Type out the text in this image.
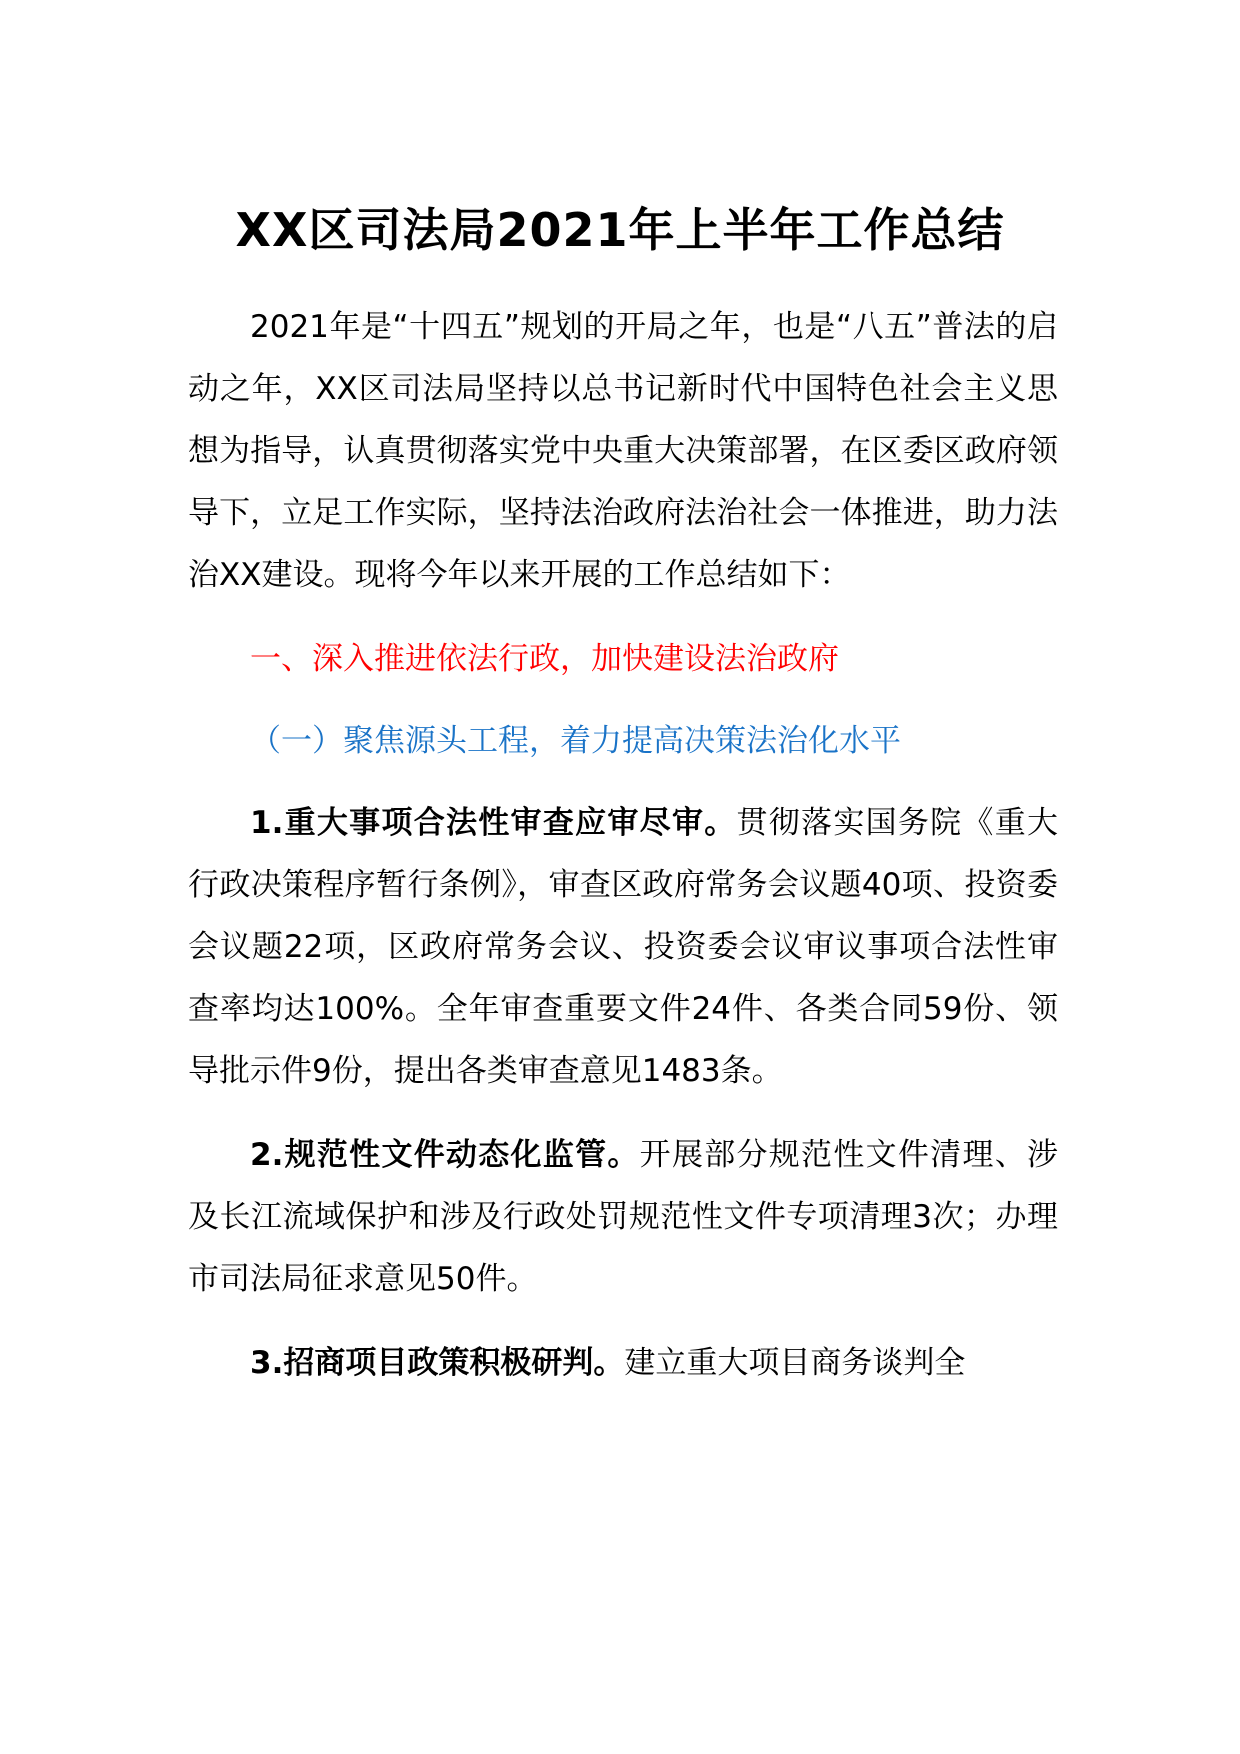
XX区司法局2021年上半年工作总结

2021年是“十四五”规划的开局之年，也是“八五”普法的启动之年，XX区司法局坚持以总书记新时代中国特色社会主义思想为指导，认真贯彻落实党中央重大决策部署，在区委区政府领导下，立足工作实际，坚持法治政府法治社会一体推进，助力法治XX建设。现将今年以来开展的工作总结如下：

一、深入推进依法行政，加快建设法治政府

（一）聚焦源头工程，着力提高决策法治化水平

1.重大事项合法性审查应审尽审。贯彻落实国务院《重大行政决策程序暂行条例》，审查区政府常务会议题40项、投资委会议题22项，区政府常务会议、投资委会议审议事项合法性审查率均达100%。全年审查重要文件24件、各类合同59份、领导批示件9份，提出各类审查意见1483条。

2.规范性文件动态化监管。开展部分规范性文件清理、涉及长江流域保护和涉及行政处罚规范性文件专项清理3次；办理市司法局征求意见50件。

3.招商项目政策积极研判。建立重大项目商务谈判全
